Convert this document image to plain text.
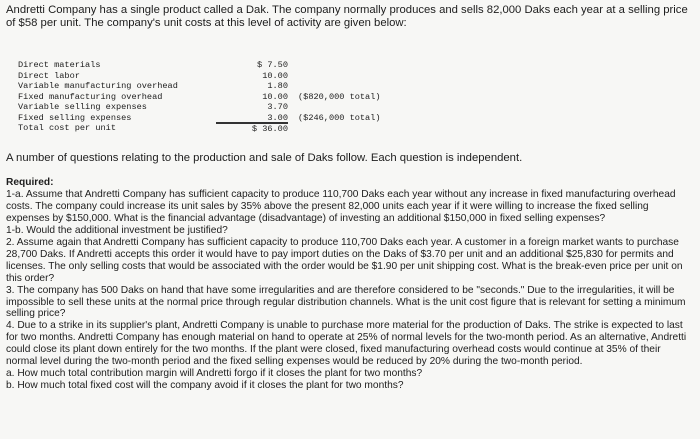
Andretti Company has a single product called a Dak. The company normally produces and sells 82,000 Daks each year at a selling price of $58 per unit. The company's unit costs at this level of activity are given below:
Direct materials	$ 7.50
Direct labor	10.00
Variable manufacturing overhead	1.80
Fixed manufacturing overhead	10.00	($820,000 total)
Variable selling expenses	3.70
Fixed selling expenses	3.00	($246,000 total)
Total cost per unit	$ 36.00
A number of questions relating to the production and sale of Daks follow. Each question is independent.
Required:

1-a. Assume that Andretti Company has sufficient capacity to produce 110,700 Daks each year without any increase in fixed manufacturing overhead costs. The company could increase its unit sales by 35% above the present 82,000 units each year if it were willing to increase the fixed selling expenses by $150,000. What is the financial advantage (disadvantage) of investing an additional $150,000 in fixed selling expenses?

1-b. Would the additional investment be justified?

2. Assume again that Andretti Company has sufficient capacity to produce 110,700 Daks each year. A customer in a foreign market wants to purchase 28,700 Daks. If Andretti accepts this order it would have to pay import duties on the Daks of $3.70 per unit and an additional $25,830 for permits and licenses. The only selling costs that would be associated with the order would be $1.90 per unit shipping cost. What is the break-even price per unit on this order?

3. The company has 500 Daks on hand that have some irregularities and are therefore considered to be "seconds." Due to the irregularities, it will be impossible to sell these units at the normal price through regular distribution channels. What is the unit cost figure that is relevant for setting a minimum selling price?

4. Due to a strike in its supplier's plant, Andretti Company is unable to purchase more material for the production of Daks. The strike is expected to last for two months. Andretti Company has enough material on hand to operate at 25% of normal levels for the two-month period. As an alternative, Andretti could close its plant down entirely for the two months. If the plant were closed, fixed manufacturing overhead costs would continue at 35% of their normal level during the two-month period and the fixed selling expenses would be reduced by 20% during the two-month period.

a. How much total contribution margin will Andretti forgo if it closes the plant for two months?

b. How much total fixed cost will the company avoid if it closes the plant for two months?
